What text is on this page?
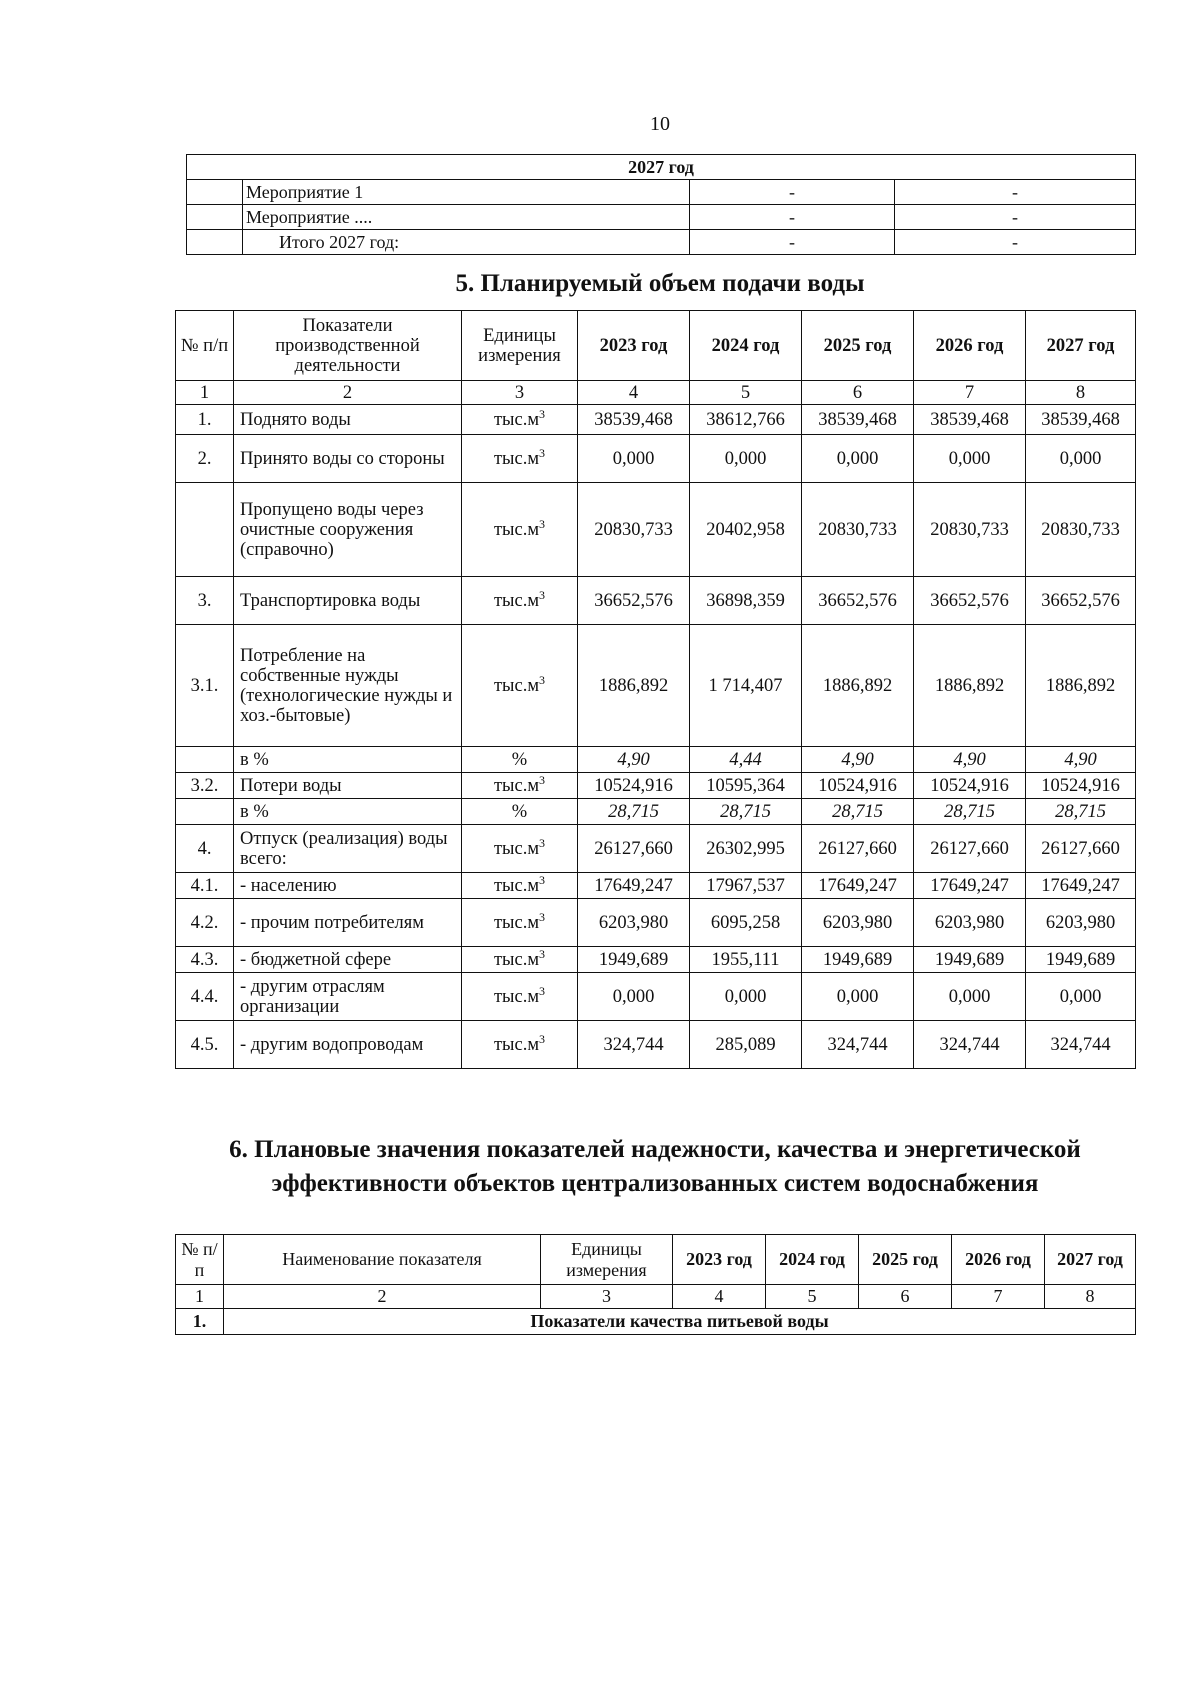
10
2027 год			
	Мероприятие 1	-	-
	Мероприятие ....	-	-
	Итого 2027 год:	-	-
5. Планируемый объем подачи воды
№ п/п	Показатели производственной деятельности	Единицы измерения	2023 год	2024 год	2025 год	2026 год	2027 год
1	2	3	4	5	6	7	8
1.	Поднято воды	$тыс.м^3$	38539,468	38612,766	38539,468	38539,468	38539,468
2.	Принято воды со стороны	$тыс.м^3$	0,000	0,000	0,000	0,000	0,000
	Пропущено воды через очистные сооружения (справочно)	$тыс.м^3$	20830,733	20402,958	20830,733	20830,733	20830,733
3.	Транспортировка воды	$тыс.м^3$	36652,576	36898,359	36652,576	36652,576	36652,576
3.1.	Потребление на собственные нужды (технологические нужды и хоз.-бытовые)	$тыс.м^3$	1886,892	1 714,407	1886,892	1886,892	1886,892
	в %	%	4,90	4,44	4,90	4,90	4,90
3.2.	Потери воды	$тыс.м^3$	10524,916	10595,364	10524,916	10524,916	10524,916
	в %	%	28,715	28,715	28,715	28,715	28,715
4.	Отпуск (реализация) воды всего:	$тыс.м^3$	26127,660	26302,995	26127,660	26127,660	26127,660
4.1.	- населению	$тыс.м^3$	17649,247	17967,537	17649,247	17649,247	17649,247
4.2.	- прочим потребителям	$тыс.м^3$	6203,980	6095,258	6203,980	6203,980	6203,980
4.3.	- бюджетной сфере	$тыс.м^3$	1949,689	1955,111	1949,689	1949,689	1949,689
4.4.	- другим отраслям организации	$тыс.м^3$	0,000	0,000	0,000	0,000	0,000
4.5.	- другим водопроводам	$тыс.м^3$	324,744	285,089	324,744	324,744	324,744
6. Плановые значения показателей надежности, качества и энергетической эффективности объектов централизованных систем водоснабжения
№ п/п	Наименование показателя	Единицы измерения	2023 год	2024 год	2025 год	2026 год	2027 год
1	2	3	4	5	6	7	8
1.	Показатели качества питьевой воды						
